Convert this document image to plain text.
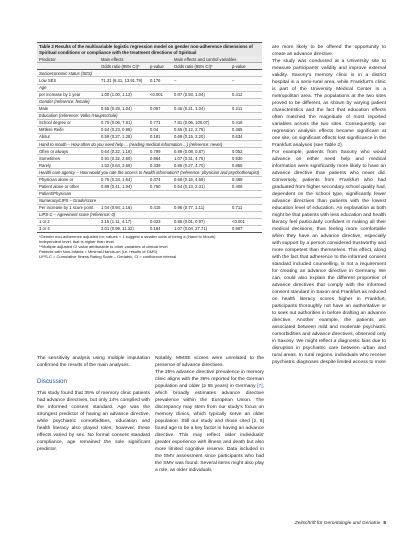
Table 2 Results of the multivariable logistic regression model on gender non-adherence dimensions of Spiritual conditions or compliance with the treatment directions of Spiritual
Predictor	Main effects		Main effects and control variables	
	Odds ratio (95% CI)*	p-value	Odds ratio (95% CI)*	p-value
Socioeconomic status (SES)				
Low SES	71.31 (6.41, 13.91.79)	0.176	–	–
Age				
per increase by 1 year	1.00 (1.00, 1.12)	<0.001	0.97 (0.93, 1.04)	0.412
Gender (reference: female)				
Male	0.55 (0.29, 1.04)	0.067	0.46 (0.21, 1.04)	0.211
Education (reference: Volks-/Hauptschule)				
School degree or	0.70 (0.06, 7.81)	0.771	7.81 (0.06, 100.07)	0.416
Mittlere Reife	0.54 (0.23, 0.98)	0.04	0.55 (0.12, 2.75)	0.465
Abitur	0.59 (0.27, 1.28)	0.181	0.69 (0.15, 3.20)	0.634
Hand to mouth – How often do you need help ... (reading medical information ...) (reference: never)				
Often or always	0.64 (0.22, 1.16)	0.799	0.89 (0.08, 0.87)	0.052
Sometimes	0.91 (0.32, 2.60)	0.864	1.07 (0.31, 4.75)	0.930
Rarely	1.52 (0.64, 3.59)	0.339	0.86 (0.27, 4.70)	0.855
Health care agency – How would you rate the access to health information? (reference: physician and psychotherapist)				
Physician alone or	0.75 (0.34, 1.64)	0.474	0.66 (0.16, 4.59)	0.469
Patient alone or other	0.89 (0.41, 1.94)	0.750	0.54 (0.13, 2.31)	0.406
Patient/Physician				
Numeracy/LIPS – Grade/score				
Per increase by 1 score point	1.04 (0.94, 1.16)	0.415	0.98 (0.77, 1.11)	0.711
LIPS-C – Agreement score (reference: 0)				
1 or 2	2.15 (1.11, 4.17)	0.023	0.86 (0.01, 0.97)	<0.001
3 or 4	3.01 (0.99, 11.32)	0.184	1.07 (0.04, 27.71)	0.967
*Gender non-adherence adjusted for; values < 1 suggest a smaller odds of being a (Hand to Mouth)
Independent level, that is higher than level
**Multiple adjusted CI value attributable to other variables of clinical level
Patients with Non-Infants = Minimal-Hands-on (i.e. results of GMS)
LIPS-C = Cumulative Illness Rating Scale – Geriatric, Cl = confidence interval

The sensitivity analysis using multiple imputation confirmed the results of the main analyses.

Discussion

This study found that 35% of memory clinic patients had advance directives, but only 14% complied with the informed consent standard. Age was the strongest predictor of having an advance directive, while psychiatric comorbidities, education and health literacy also played roles; however, these effects varied by sex. No formal consent standard compliance, age remained the sole significant predictor.

Notably, MMSE scores were unrelated to the presence of advance directives.

The 35% advance directive prevalence in memory clinic aligns with the 35% reported for the German population and older (≥ 65 years) in Germany [7], which broadly estimates advance directive prevalence within the European Union. The discrepancy may stem from our study's focus on memory clinics, which typically serve an older population. Still our study and those cited [2, 6] found age to be a key factor in having an advance directive. This may reflect older individuals' greater experience with illness and death but also more limited cognitive reserve. Data included in the SMV assessment since participants who had the SMV was found. Several items might also play a role, as older individuals

are more likely to be offered the opportunity to create an advance directive.

The study was conducted at a University site to measure participants' validity and improve external validity. Saxony's memory clinic is in a district hospital in a semi-rural area, while Frankfurt's clinic is part of the University Medical Center in a metropolitan area. The populations at the two sites proved to be different, as shown by varying patient characteristics and the fact that education effects often matched the magnitude of most reported variables across the two sites. Consequently, our regression analysis effects became significant at one site, on significant effects lost significance in the Frankfurt analyses (see Table 2).

For example, patients from Saxony who would advance on either need help and medical information were significantly more likely to have an advance directive than patients who never did. Conversely, patients from Frankfurt who had graduated from higher secondary school quality had, dependent on the school type, significantly fewer advance directives than patients with the lowest education level of education. An explanation at both might be that patients with less education and health literacy feel particularly confident in making all their medical decisions, thus feeling more comfortable when they have an advance directive, especially with support by a person considered trustworthy and more competent than themselves. This effect, along with the fact that adherence to the informed consent standard included counselling, is not a requirement for creating an advance directive in Germany. We can, could also explain the different proportion of advance directives that comply with the informed consent standard in Saxon and Frankfurt as reduced on health literacy scores higher in Frankfurt, participants thoroughly not have an authoritative or to seek out authorities in before drafting an advance directive. Another example, the patients are associated between mild and moderate psychiatric comorbidities and advance directives, observed only in Saxony. We might reflect a diagnostic bias due to disruption in psychiatric care between urban and rural areas. In rural regions, individuals who receive psychiatric diagnoses despite limited access to more

Zeitschrift für Gerontologie und Geriatrie 5
